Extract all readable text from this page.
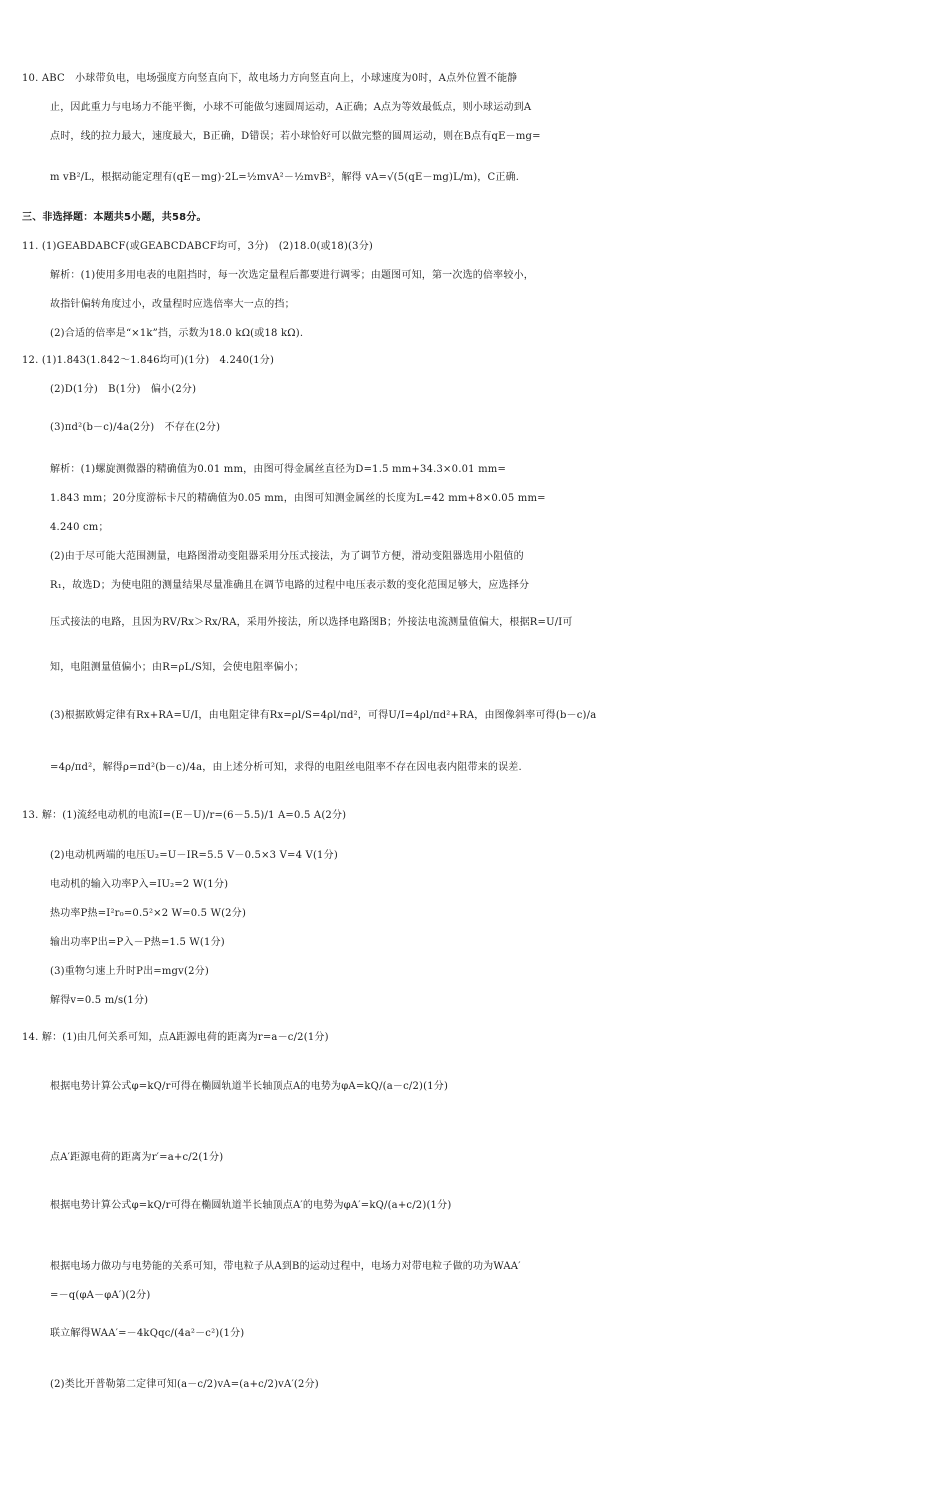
10. ABC　小球带负电，电场强度方向竖直向下，故电场力方向竖直向上，小球速度为0时，A点外位置不能静
止，因此重力与电场力不能平衡，小球不可能做匀速圆周运动，A正确；A点为等效最低点，则小球运动到A
点时，线的拉力最大，速度最大，B正确，D错误；若小球恰好可以做完整的圆周运动，则在B点有qE－mg=
m vB²/L，根据动能定理有(qE－mg)·2L=½mvA²－½mvB²，解得 vA=√(5(qE－mg)L/m)，C正确.
三、非选择题：本题共5小题，共58分。
11. (1)GEABDABCF(或GEABCDABCF均可，3分)　(2)18.0(或18)(3分)
解析：(1)使用多用电表的电阻挡时，每一次选定量程后都要进行调零；由题图可知，第一次选的倍率较小，
故指针偏转角度过小，改量程时应选倍率大一点的挡；
(2)合适的倍率是“×1k”挡，示数为18.0 kΩ(或18 kΩ).
12. (1)1.843(1.842～1.846均可)(1分)　4.240(1分)
(2)D(1分)　B(1分)　偏小(2分)
(3)πd²(b－c)/4a(2分)　不存在(2分)
解析：(1)螺旋测微器的精确值为0.01 mm，由图可得金属丝直径为D=1.5 mm+34.3×0.01 mm=
1.843 mm；20分度游标卡尺的精确值为0.05 mm，由图可知测金属丝的长度为L=42 mm+8×0.05 mm=
4.240 cm；
(2)由于尽可能大范围测量，电路图滑动变阻器采用分压式接法，为了调节方便，滑动变阻器选用小阻值的
R₁，故选D；为使电阻的测量结果尽量准确且在调节电路的过程中电压表示数的变化范围足够大，应选择分
压式接法的电路，且因为RV/Rx＞Rx/RA，采用外接法，所以选择电路图B；外接法电流测量值偏大，根据R=U/I可
知，电阻测量值偏小；由R=ρL/S知，会使电阻率偏小；
(3)根据欧姆定律有Rx+RA=U/I，由电阻定律有Rx=ρl/S=4ρl/πd²，可得U/I=4ρl/πd²+RA，由图像斜率可得(b－c)/a
=4ρ/πd²，解得ρ=πd²(b－c)/4a，由上述分析可知，求得的电阻丝电阻率不存在因电表内阻带来的误差.
13. 解：(1)流经电动机的电流I=(E－U)/r=(6－5.5)/1 A=0.5 A(2分)
(2)电动机两端的电压U₂=U－IR=5.5 V－0.5×3 V=4 V(1分)
电动机的输入功率P入=IU₂=2 W(1分)
热功率P热=I²r₀=0.5²×2 W=0.5 W(2分)
输出功率P出=P入－P热=1.5 W(1分)
(3)重物匀速上升时P出=mgv(2分)
解得v=0.5 m/s(1分)
14. 解：(1)由几何关系可知，点A距源电荷的距离为r=a－c/2(1分)
根据电势计算公式φ=kQ/r可得在椭圆轨道半长轴顶点A的电势为φA=kQ/(a－c/2)(1分)
点A′距源电荷的距离为r′=a+c/2(1分)
根据电势计算公式φ=kQ/r可得在椭圆轨道半长轴顶点A′的电势为φA′=kQ/(a+c/2)(1分)
根据电场力做功与电势能的关系可知，带电粒子从A到B的运动过程中，电场力对带电粒子做的功为WAA′
=－q(φA－φA′)(2分)
联立解得WAA′=－4kQqc/(4a²－c²)(1分)
(2)类比开普勒第二定律可知(a－c/2)vA=(a+c/2)vA′(2分)
